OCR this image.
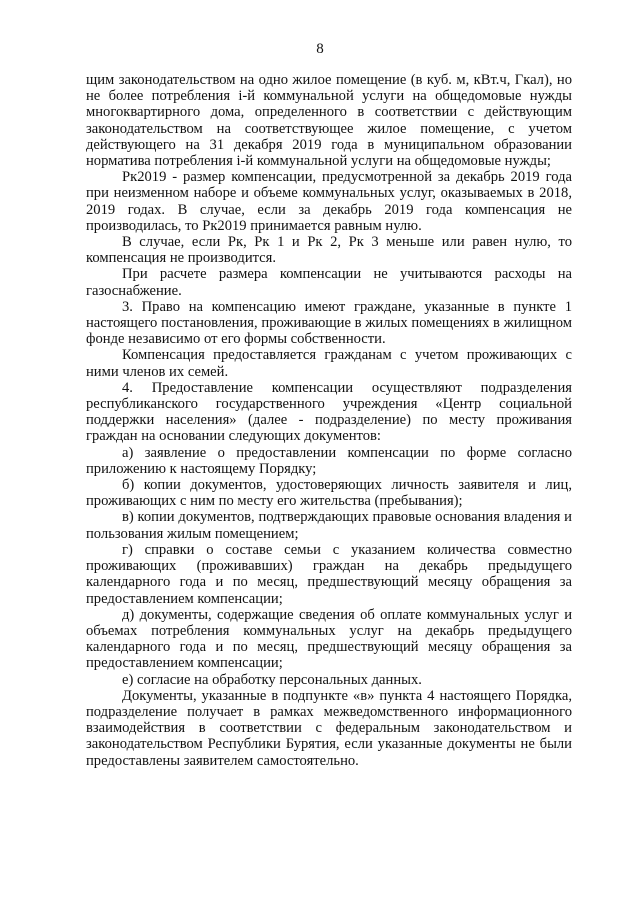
8

щим законодательством на одно жилое помещение (в куб. м, кВт.ч, Гкал), но не более потребления i-й коммунальной услуги на общедомовые нужды многоквартирного дома, определенного в соответствии с действующим законодательством на соответствующее жилое помещение, с учетом действующего на 31 декабря 2019 года в муниципальном образовании норматива потребления i-й коммунальной услуги на общедомовые нужды;

Рк2019 - размер компенсации, предусмотренной за декабрь 2019 года при неизменном наборе и объеме коммунальных услуг, оказываемых в 2018, 2019 годах. В случае, если за декабрь 2019 года компенсация не производилась, то Рк2019 принимается равным нулю.

В случае, если Рк, Рк 1 и Рк 2, Рк 3 меньше или равен нулю, то компенсация не производится.

При расчете размера компенсации не учитываются расходы на газоснабжение.

3. Право на компенсацию имеют граждане, указанные в пункте 1 настоящего постановления, проживающие в жилых помещениях в жилищном фонде независимо от его формы собственности.

Компенсация предоставляется гражданам с учетом проживающих с ними членов их семей.

4. Предоставление компенсации осуществляют подразделения республиканского государственного учреждения «Центр социальной поддержки населения» (далее - подразделение) по месту проживания граждан на основании следующих документов:

а) заявление о предоставлении компенсации по форме согласно приложению к настоящему Порядку;

б) копии документов, удостоверяющих личность заявителя и лиц, проживающих с ним по месту его жительства (пребывания);

в) копии документов, подтверждающих правовые основания владения и пользования жилым помещением;

г) справки о составе семьи с указанием количества совместно проживающих (проживавших) граждан на декабрь предыдущего календарного года и по месяц, предшествующий месяцу обращения за предоставлением компенсации;

д) документы, содержащие сведения об оплате коммунальных услуг и объемах потребления коммунальных услуг на декабрь предыдущего календарного года и по месяц, предшествующий месяцу обращения за предоставлением компенсации;

е) согласие на обработку персональных данных.

Документы, указанные в подпункте «в» пункта 4 настоящего Порядка, подразделение получает в рамках межведомственного информационного взаимодействия в соответствии с федеральным законодательством и законодательством Республики Бурятия, если указанные документы не были предоставлены заявителем самостоятельно.
